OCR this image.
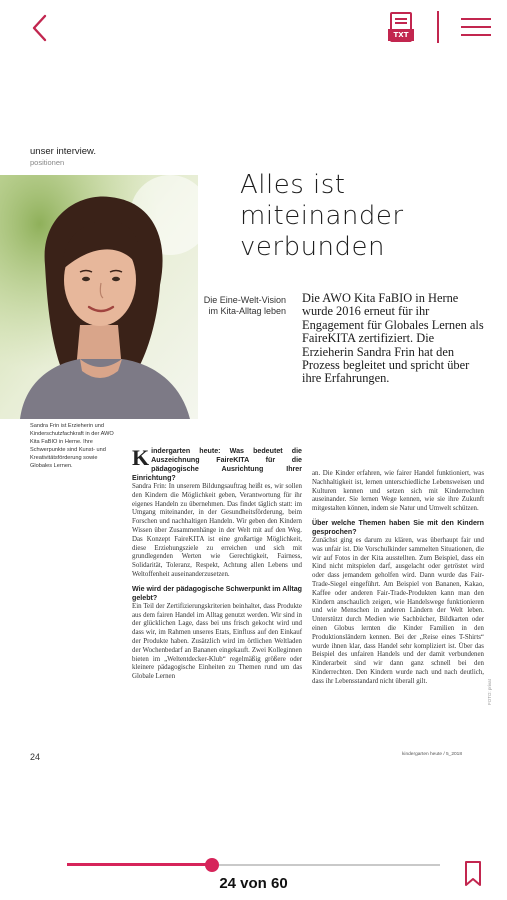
TXT
unser interview.
positionen
Alles ist
miteinander
verbunden
Die Eine-Welt-Vision im Kita-Alltag leben
Die AWO Kita FaBIO in Herne wurde 2016 erneut für ihr Engagement für Globales Lernen als FaireKITA zertifiziert. Die Erzieherin Sandra Frin hat den Prozess begleitet und spricht über ihre Erfahrungen.
Sandra Frin ist Erzieherin und Kinderschutzfachkraft in der AWO Kita FaBIO in Herne. Ihre Schwerpunkte sind Kunst- und Kreativitätsförderung sowie Globales Lernen.	Kindergarten heute: Was bedeutet die Auszeichnung FaireKITA für die pädagogische Ausrichtung Ihrer Einrichtung?

Sandra Frin: In unserem Bildungsauftrag heißt es, wir sollen den Kindern die Möglichkeit geben, Verantwortung für ihr eigenes Handeln zu übernehmen. Das findet täglich statt: im Umgang miteinander, in der Gesundheitsförderung, beim Forschen und nachhaltigen Handeln. Wir geben den Kindern Wissen über Zusammenhänge in der Welt mit auf den Weg. Das Konzept FaireKITA ist eine großartige Möglichkeit, diese Erziehungsziele zu erreichen und sich mit grundlegenden Werten wie Gerechtigkeit, Fairness, Solidarität, Toleranz, Respekt, Achtung allen Lebens und Weltoffenheit auseinanderzusetzen.

Wie wird der pädagogische Schwerpunkt im Alltag gelebt?

Ein Teil der Zertifizierungskriterien beinhaltet, dass Produkte aus dem fairen Handel im Alltag genutzt werden. Wir sind in der glücklichen Lage, dass bei uns frisch gekocht wird und dass wir, im Rahmen unseres Etats, Einfluss auf den Einkauf der Produkte haben. Zusätzlich wird im örtlichen Weltladen der Wochenbedarf an Bananen eingekauft. Zwei Kolleginnen bieten im „Weltentdecker-Klub“ regelmäßig größere oder kleinere pädagogische Einheiten zu Themen rund um das Globale Lernen

an. Die Kinder erfahren, wie fairer Handel funktioniert, was Nachhaltigkeit ist, lernen unterschiedliche Lebensweisen und Kulturen kennen und setzen sich mit Kinderrechten auseinander. Sie lernen Wege kennen, wie sie ihre Zukunft mitgestalten können, indem sie Natur und Umwelt schützen.

Über welche Themen haben Sie mit den Kindern gesprochen?

Zunächst ging es darum zu klären, was überhaupt fair und was unfair ist. Die Vorschulkinder sammelten Situationen, die wir auf Fotos in der Kita ausstellten. Zum Beispiel, dass ein Kind nicht mitspielen darf, ausgelacht oder getröstet wird oder dass jemandem geholfen wird. Dann wurde das Fair-Trade-Siegel eingeführt. Am Beispiel von Bananen, Kakao, Kaffee oder anderen Fair-Trade-Produkten kann man den Kindern anschaulich zeigen, wie Handelswege funktionieren und wie Menschen in anderen Ländern der Welt leben. Unterstützt durch Medien wie Sachbücher, Bildkarten oder einen Globus lernten die Kinder Familien in den Produktionsländern kennen. Bei der „Reise eines T-Shirts“ wurde ihnen klar, dass Handel sehr kompliziert ist. Über das Beispiel des unfairen Handels und der damit verbundenen Kinderarbeit sind wir dann ganz schnell bei den Kinderrechten. Den Kindern wurde nach und nach deutlich, dass ihr Lebensstandard nicht überall gilt.	FOTO: privat
24	kindergarten heute / 5_2018
24 von 60
